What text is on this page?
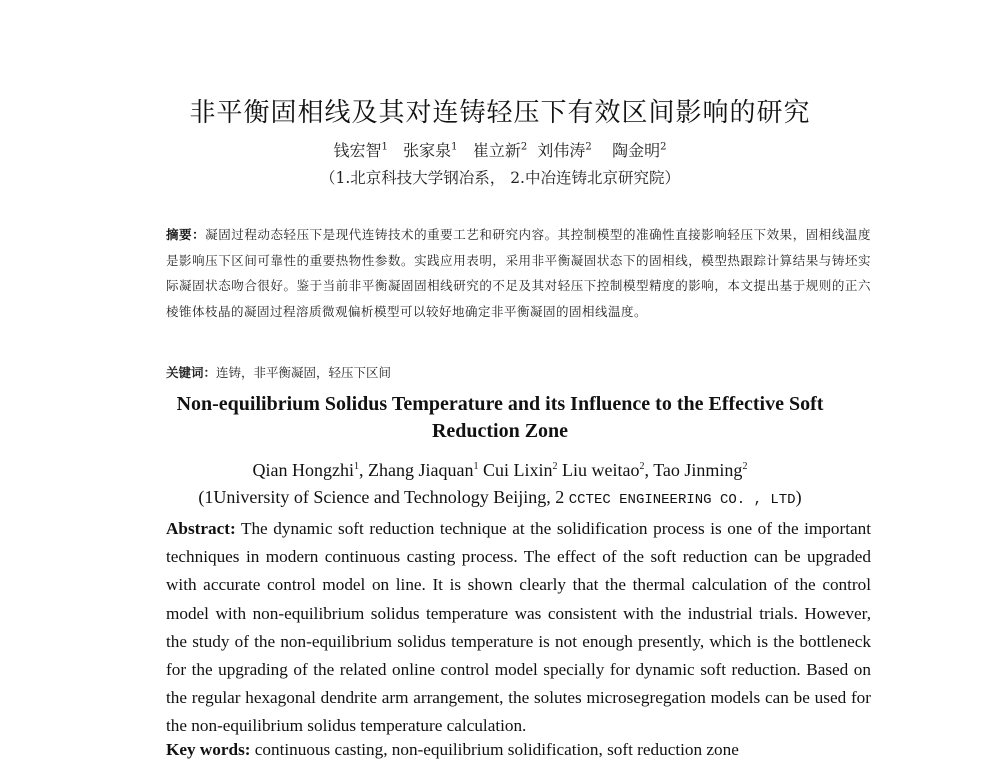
非平衡固相线及其对连铸轻压下有效区间影响的研究
钱宏智$^1$ 张家泉$^1$ 崔立新$^2$ 刘伟涛$^2$ 陶金明$^2$
（1.北京科技大学钢冶系， 2.中冶连铸北京研究院）
摘要：凝固过程动态轻压下是现代连铸技术的重要工艺和研究内容。其控制模型的准确性直接影响轻压下效果，固相线温度是影响压下区间可靠性的重要热物性参数。实践应用表明，采用非平衡凝固状态下的固相线，模型热跟踪计算结果与铸坯实际凝固状态吻合很好。鉴于当前非平衡凝固固相线研究的不足及其对轻压下控制模型精度的影响，本文提出基于规则的正六棱锥体枝晶的凝固过程溶质微观偏析模型可以较好地确定非平衡凝固的固相线温度。
关键词：连铸，非平衡凝固，轻压下区间
Non-equilibrium Solidus Temperature and its Influence to the Effective Soft Reduction Zone
Qian Hongzhi$^1$, Zhang Jiaquan$^1$ Cui Lixin$^2$ Liu weitao$^2$, Tao Jinming$^2$
(1University of Science and Technology Beijing, 2 CCTEC ENGINEERING CO. , LTD)
Abstract: The dynamic soft reduction technique at the solidification process is one of the important techniques in modern continuous casting process. The effect of the soft reduction can be upgraded with accurate control model on line. It is shown clearly that the thermal calculation of the control model with non-equilibrium solidus temperature was consistent with the industrial trials. However, the study of the non-equilibrium solidus temperature is not enough presently, which is the bottleneck for the upgrading of the related online control model specially for dynamic soft reduction. Based on the regular hexagonal dendrite arm arrangement, the solutes microsegregation models can be used for the non-equilibrium solidus temperature calculation.
Key words: continuous casting, non-equilibrium solidification, soft reduction zone
